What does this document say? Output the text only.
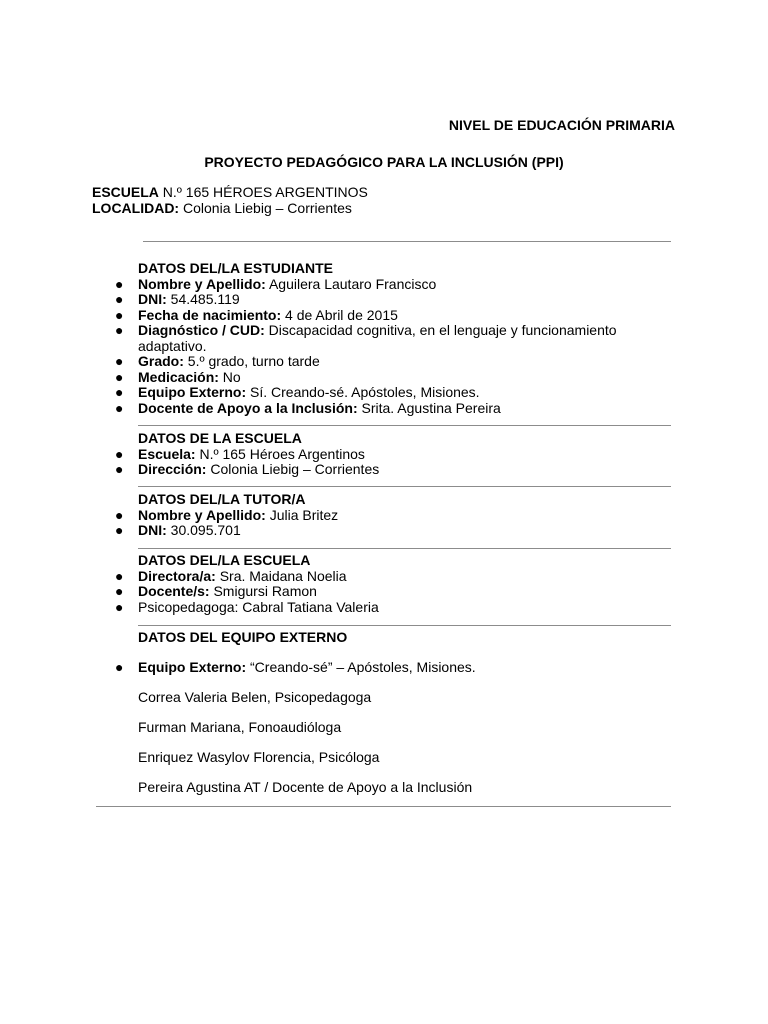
NIVEL DE EDUCACIÓN PRIMARIA
PROYECTO PEDAGÓGICO PARA LA INCLUSIÓN (PPI)
ESCUELA N.º 165 HÉROES ARGENTINOS
LOCALIDAD: Colonia Liebig – Corrientes
DATOS DEL/LA ESTUDIANTE
● Nombre y Apellido: Aguilera Lautaro Francisco
● DNI: 54.485.119
● Fecha de nacimiento: 4 de Abril de 2015
● Diagnóstico / CUD: Discapacidad cognitiva, en el lenguaje y funcionamiento adaptativo.
● Grado: 5.º grado, turno tarde
● Medicación: No
● Equipo Externo: Sí. Creando-sé. Apóstoles, Misiones.
● Docente de Apoyo a la Inclusión: Srita. Agustina Pereira
DATOS DE LA ESCUELA
● Escuela: N.º 165 Héroes Argentinos
● Dirección: Colonia Liebig – Corrientes
DATOS DEL/LA TUTOR/A
● Nombre y Apellido: Julia Britez
● DNI: 30.095.701
DATOS DEL/LA ESCUELA
● Directora/a: Sra. Maidana Noelia
● Docente/s: Smigursi Ramon
● Psicopedagoga: Cabral Tatiana Valeria
DATOS DEL EQUIPO EXTERNO
● Equipo Externo: “Creando-sé” – Apóstoles, Misiones.
Correa Valeria Belen, Psicopedagoga
Furman Mariana, Fonoaudióloga
Enriquez Wasylov Florencia, Psicóloga
Pereira Agustina AT / Docente de Apoyo a la Inclusión
